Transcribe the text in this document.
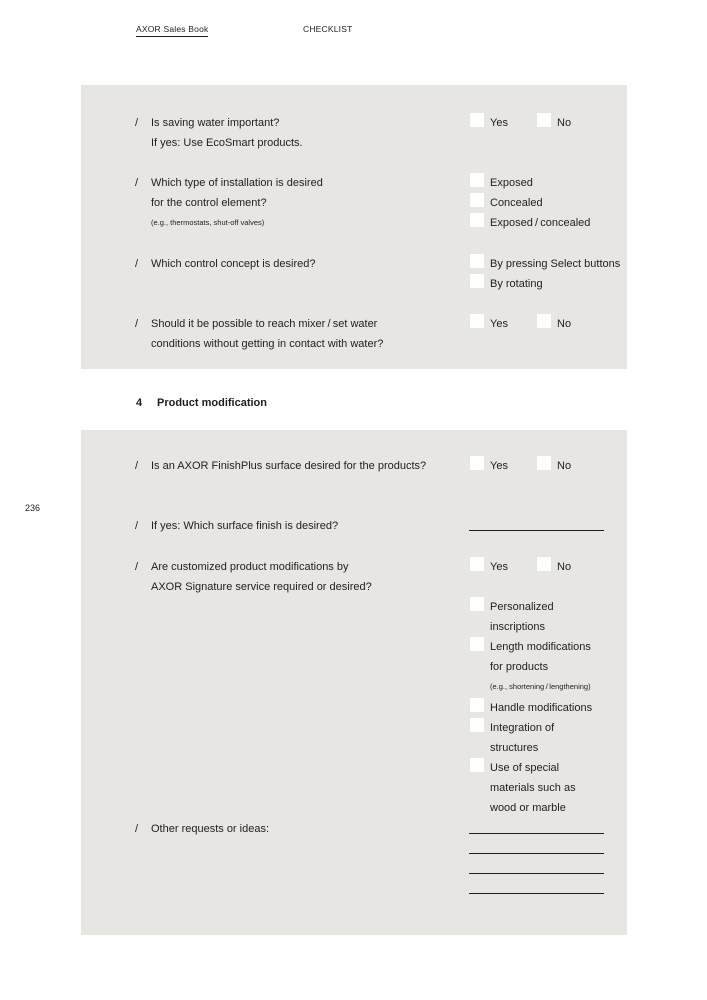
AXOR Sales Book	CHECKLIST
236
/ Is saving water important?
If yes: Use EcoSmart products.
Yes	No
/ Which type of installation is desired
for the control element?
(e.g., thermostats, shut-off valves)
Exposed
Concealed
Exposed / concealed
/ Which control concept is desired?	By pressing Select buttons
By rotating
/ Should it be possible to reach mixer / set water
conditions without getting in contact with water?
Yes	No
4 Product modification
/ Is an AXOR FinishPlus surface desired for the products?	Yes	No
/ If yes: Which surface finish is desired?
/ Are customized product modifications by
AXOR Signature service required or desired?
Yes	No
Personalized
inscriptions
Length modifications
for products
(e.g., shortening / lengthening)
Handle modifications
Integration of
structures
Use of special
materials such as
wood or marble
/ Other requests or ideas:
